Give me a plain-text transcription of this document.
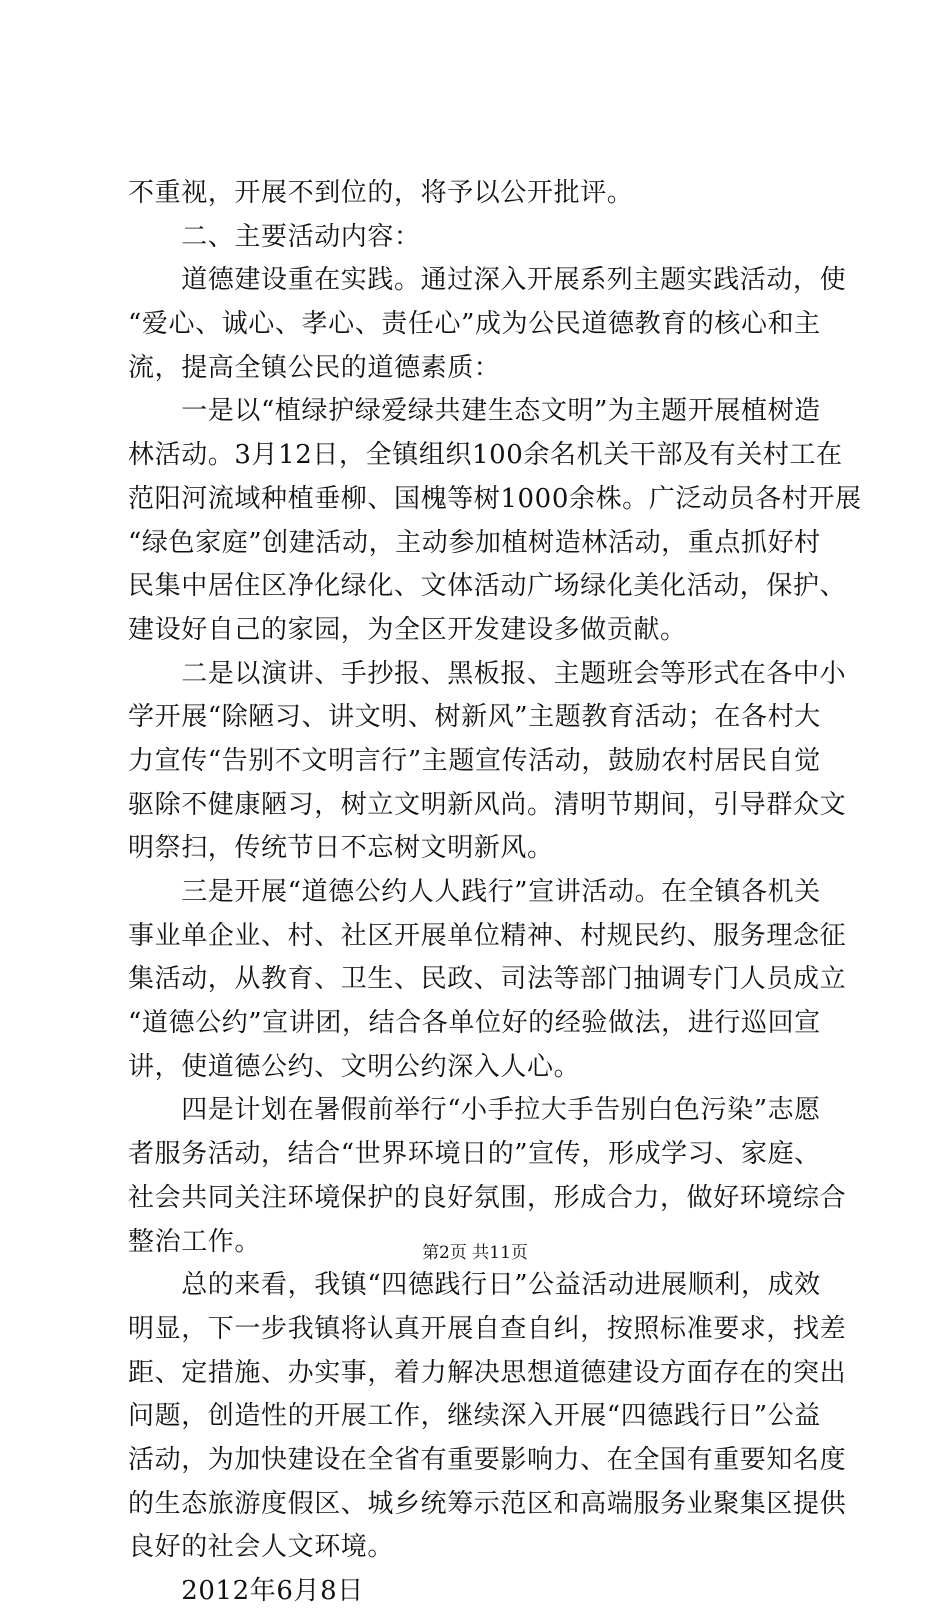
不重视，开展不到位的，将予以公开批评。
　　二、主要活动内容：
　　道德建设重在实践。通过深入开展系列主题实践活动，使
“爱心、诚心、孝心、责任心”成为公民道德教育的核心和主
流，提高全镇公民的道德素质：
　　一是以“植绿护绿爱绿共建生态文明”为主题开展植树造
林活动。3月12日，全镇组织100余名机关干部及有关村工在
范阳河流域种植垂柳、国槐等树1000余株。广泛动员各村开展
“绿色家庭”创建活动，主动参加植树造林活动，重点抓好村
民集中居住区净化绿化、文体活动广场绿化美化活动，保护、
建设好自己的家园，为全区开发建设多做贡献。
　　二是以演讲、手抄报、黑板报、主题班会等形式在各中小
学开展“除陋习、讲文明、树新风”主题教育活动；在各村大
力宣传“告别不文明言行”主题宣传活动，鼓励农村居民自觉
驱除不健康陋习，树立文明新风尚。清明节期间，引导群众文
明祭扫，传统节日不忘树文明新风。
　　三是开展“道德公约人人践行”宣讲活动。在全镇各机关
事业单企业、村、社区开展单位精神、村规民约、服务理念征
集活动，从教育、卫生、民政、司法等部门抽调专门人员成立
“道德公约”宣讲团，结合各单位好的经验做法，进行巡回宣
讲，使道德公约、文明公约深入人心。
　　四是计划在暑假前举行“小手拉大手告别白色污染”志愿
者服务活动，结合“世界环境日的”宣传，形成学习、家庭、
社会共同关注环境保护的良好氛围，形成合力，做好环境综合
整治工作。
　　总的来看，我镇“四德践行日”公益活动进展顺利，成效
明显，下一步我镇将认真开展自查自纠，按照标准要求，找差
距、定措施、办实事，着力解决思想道德建设方面存在的突出
问题，创造性的开展工作，继续深入开展“四德践行日”公益
活动，为加快建设在全省有重要影响力、在全国有重要知名度
的生态旅游度假区、城乡统筹示范区和高端服务业聚集区提供
良好的社会人文环境。
　　2012年6月8日
第2页 共11页
